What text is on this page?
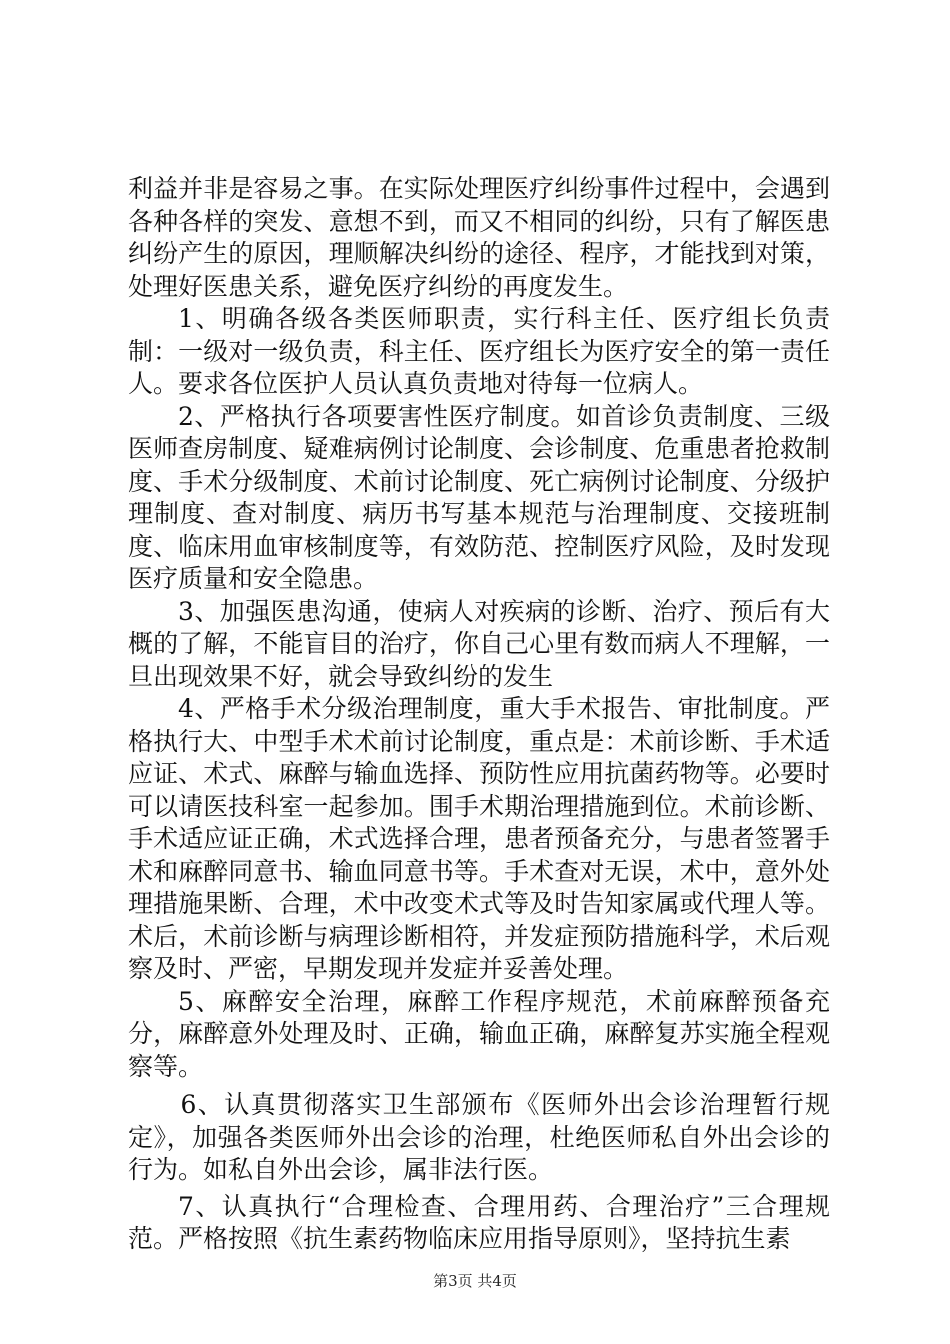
利益并非是容易之事。在实际处理医疗纠纷事件过程中，会遇到各种各样的突发、意想不到，而又不相同的纠纷，只有了解医患纠纷产生的原因，理顺解决纠纷的途径、程序，才能找到对策，处理好医患关系，避免医疗纠纷的再度发生。

1、明确各级各类医师职责，实行科主任、医疗组长负责制：一级对一级负责，科主任、医疗组长为医疗安全的第一责任人。要求各位医护人员认真负责地对待每一位病人。

2、严格执行各项要害性医疗制度。如首诊负责制度、三级医师查房制度、疑难病例讨论制度、会诊制度、危重患者抢救制度、手术分级制度、术前讨论制度、死亡病例讨论制度、分级护理制度、查对制度、病历书写基本规范与治理制度、交接班制度、临床用血审核制度等，有效防范、控制医疗风险，及时发现医疗质量和安全隐患。

3、加强医患沟通，使病人对疾病的诊断、治疗、预后有大概的了解，不能盲目的治疗，你自己心里有数而病人不理解，一旦出现效果不好，就会导致纠纷的发生

4、严格手术分级治理制度，重大手术报告、审批制度。严格执行大、中型手术术前讨论制度，重点是：术前诊断、手术适应证、术式、麻醉与输血选择、预防性应用抗菌药物等。必要时可以请医技科室一起参加。围手术期治理措施到位。术前诊断、手术适应证正确，术式选择合理，患者预备充分，与患者签署手术和麻醉同意书、输血同意书等。手术查对无误，术中，意外处理措施果断、合理，术中改变术式等及时告知家属或代理人等。术后，术前诊断与病理诊断相符，并发症预防措施科学，术后观察及时、严密，早期发现并发症并妥善处理。

5、麻醉安全治理，麻醉工作程序规范，术前麻醉预备充分，麻醉意外处理及时、正确，输血正确，麻醉复苏实施全程观察等。

6、认真贯彻落实卫生部颁布《医师外出会诊治理暂行规定》，加强各类医师外出会诊的治理，杜绝医师私自外出会诊的行为。如私自外出会诊，属非法行医。

7、认真执行“合理检查、合理用药、合理治疗”三合理规范。严格按照《抗生素药物临床应用指导原则》，坚持抗生素

第3页 共4页
